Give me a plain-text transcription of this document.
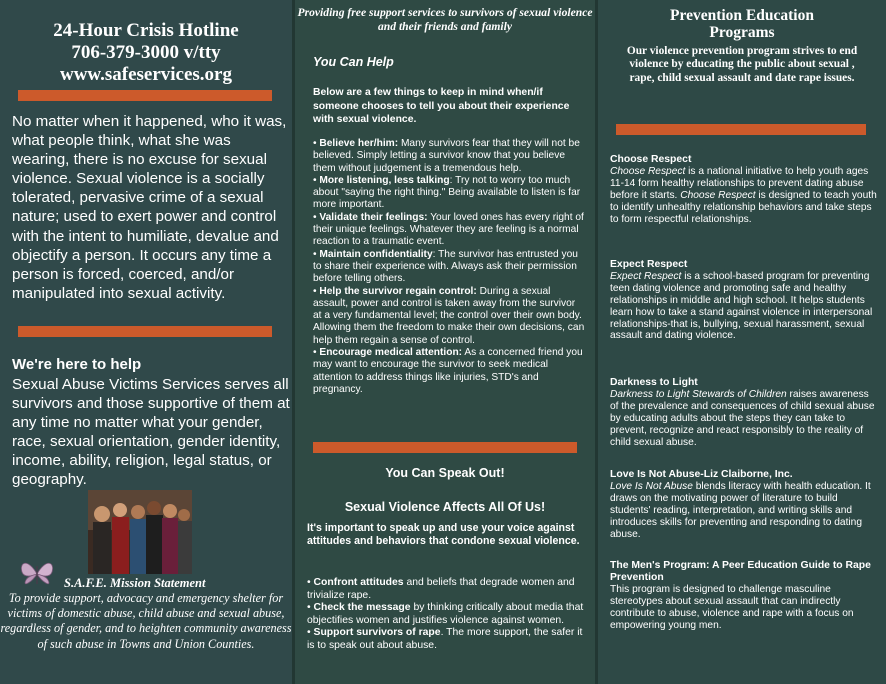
24-Hour Crisis Hotline
706-379-3000 v/tty
www.safeservices.org
No matter when it happened, who it was, what people think, what she was wearing, there is no excuse for sexual violence. Sexual violence is a socially tolerated, pervasive crime of a sexual nature; used to exert power and control with the intent to humiliate, devalue and objectify a person. It occurs any time a person is forced, coerced, and/or manipulated into sexual activity.
We're here to help
Sexual Abuse Victims Services serves all survivors and those supportive of them at any time no matter what your gender, race, sexual orientation, gender identity, income, ability, religion, legal status, or geography.
S.A.F.E. Mission Statement
To provide support, advocacy and emergency shelter for victims of domestic abuse, child abuse and sexual abuse, regardless of gender, and to heighten community awareness of such abuse in Towns and Union Counties.
Providing free support services to survivors of sexual violence and their friends and family
You Can Help
Below are a few things to keep in mind when/if someone chooses to tell you about their experience with sexual violence.
• Believe her/him: Many survivors fear that they will not be believed. Simply letting a survivor know that you believe them without judgement is a tremendous help.
• More listening, less talking: Try not to worry too much about "saying the right thing." Being available to listen is far more important.
• Validate their feelings: Your loved ones has every right of their unique feelings. Whatever they are feeling is a normal reaction to a traumatic event.
• Maintain confidentiality: The survivor has entrusted you to share their experience with. Always ask their permission before telling others.
• Help the survivor regain control: During a sexual assault, power and control is taken away from the survivor at a very fundamental level; the control over their own body. Allowing them the freedom to make their own decisions, can help them regain a sense of control.
• Encourage medical attention: As a concerned friend you may want to encourage the survivor to seek medical attention to address things like injuries, STD's and pregnancy.
You Can Speak Out!
Sexual Violence Affects All Of Us!
It's important to speak up and use your voice against attitudes and behaviors that condone sexual violence.
• Confront attitudes and beliefs that degrade women and trivialize rape.
• Check the message by thinking critically about media that objectifies women and justifies violence against women.
• Support survivors of rape. The more support, the safer it is to speak out about abuse.
Prevention Education Programs
Our violence prevention program strives to end violence by educating the public about sexual , rape, child sexual assault and date rape issues.
Choose Respect
Choose Respect is a national initiative to help youth ages 11-14 form healthy relationships to prevent dating abuse before it starts. Choose Respect is designed to teach youth to identify unhealthy relationship behaviors and take steps to form respectful relationships.
Expect Respect
Expect Respect is a school-based program for preventing teen dating violence and promoting safe and healthy relationships in middle and high school. It helps students learn how to take a stand against violence in interpersonal relationships-that is, bullying, sexual harassment, sexual assault and dating violence.
Darkness to Light
Darkness to Light Stewards of Children raises awareness of the prevalence and consequences of child sexual abuse by educating adults about the steps they can take to prevent, recognize and react responsibly to the reality of child sexual abuse.
Love Is Not Abuse-Liz Claiborne, Inc.
Love Is Not Abuse blends literacy with health education. It draws on the motivating power of literature to build students' reading, interpretation, and writing skills and introduces skills for preventing and responding to dating abuse.
The Men's Program: A Peer Education Guide to Rape Prevention
This program is designed to challenge masculine stereotypes about sexual assault that can indirectly contribute to abuse, violence and rape with a focus on empowering young men.
